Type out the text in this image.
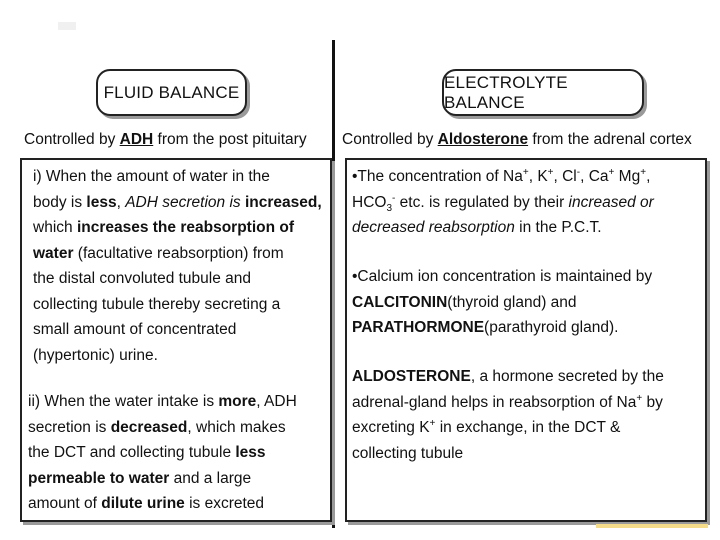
FLUID BALANCE
Controlled by ADH from the post pituitary
i) When the amount of water in the
body is less, ADH secretion is increased,
which increases the reabsorption of
water (facultative reabsorption) from
the distal convoluted tubule and
collecting tubule thereby secreting a
small amount of concentrated
(hypertonic) urine.
ii) When the water intake is more, ADH
secretion is decreased, which makes
the DCT and collecting tubule less
permeable to water and a large
amount of dilute urine is excreted
ELECTROLYTE BALANCE
Controlled by Aldosterone from the adrenal cortex
•The concentration of Na+, K+, Cl-, Ca+ Mg+,
$HCO_3^-$ etc. is regulated by their increased or
decreased reabsorption in the P.C.T.
•Calcium ion concentration is maintained by
CALCITONIN(thyroid gland) and
PARATHORMONE(parathyroid gland).
ALDOSTERONE, a hormone secreted by the
adrenal-gland helps in reabsorption of Na+ by
excreting K+ in exchange, in the DCT &
collecting tubule
